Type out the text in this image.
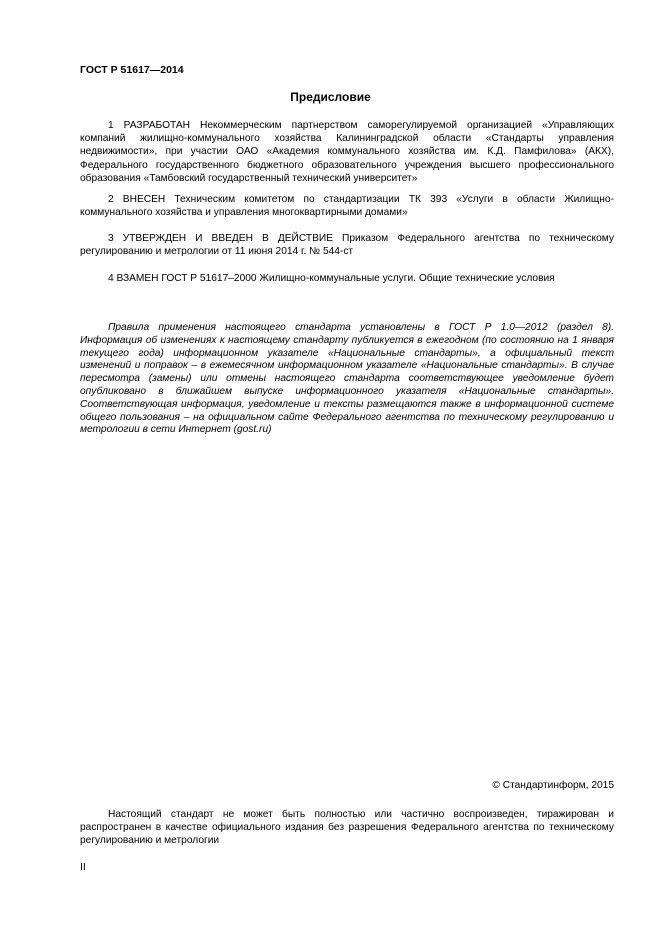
ГОСТ Р 51617—2014
Предисловие

1 РАЗРАБОТАН Некоммерческим партнерством саморегулируемой организацией «Управляющих компаний жилищно-коммунального хозяйства Калининградской области «Стандарты управления недвижимости», при участии ОАО «Академия коммунального хозяйства им. К.Д. Памфилова» (АКХ), Федерального государственного бюджетного образовательного учреждения высшего профессионального образования «Тамбовский государственный технический университет»

2 ВНЕСЕН Техническим комитетом по стандартизации ТК 393 «Услуги в области Жилищно-коммунального хозяйства и управления многоквартирными домами»

3 УТВЕРЖДЕН И ВВЕДЕН В ДЕЙСТВИЕ Приказом Федерального агентства по техническому регулированию и метрологии от 11 июня 2014 г. № 544-ст

4 ВЗАМЕН ГОСТ Р 51617–2000 Жилищно-коммунальные услуги. Общие технические условия

Правила применения настоящего стандарта установлены в ГОСТ Р 1.0—2012 (раздел 8). Информация об изменениях к настоящему стандарту публикуется в ежегодном (по состоянию на 1 января текущего года) информационном указателе «Национальные стандарты», а официальный текст изменений и поправок – в ежемесячном информационном указателе «Национальные стандарты». В случае пересмотра (замены) или отмены настоящего стандарта соответствующее уведомление будет опубликовано в ближайшем выпуске информационного указателя «Национальные стандарты». Соответствующая информация, уведомление и тексты размещаются также в информационной системе общего пользования – на официальном сайте Федерального агентства по техническому регулированию и метрологии в сети Интернет (gost.ru)

© Стандартинформ, 2015

Настоящий стандарт не может быть полностью или частично воспроизведен, тиражирован и распространен в качестве официального издания без разрешения Федерального агентства по техническому регулированию и метрологии

II
